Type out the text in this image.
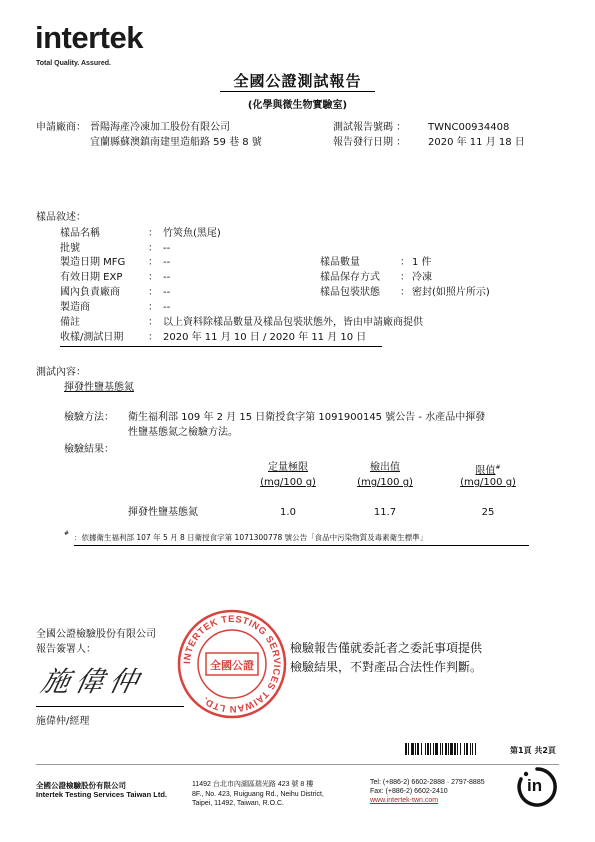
intertek
Total Quality. Assured.
全國公證測試報告
(化學與微生物實驗室)
申請廠商： 晉陽海產冷凍加工股份有限公司
宜蘭縣蘇澳鎮南建里造船路 59 巷 8 號
測試報告號碼 ： TWNC00934408
報告發行日期 ： 2020 年 11 月 18 日
樣品敘述：
樣品名稱	： 竹筴魚(黑尾)
批號	： --
製造日期 MFG ： --
有效日期 EXP	： --
國內負責廠商	： --
製造商	： --
備註	： 以上資料除樣品數量及樣品包裝狀態外，皆由申請廠商提供
收樣/測試日期 ： 2020 年 11 月 10 日 / 2020 年 11 月 10 日
樣品數量	： 1 件
樣品保存方式 ： 冷凍
樣品包裝狀態 ： 密封(如照片所示)
測試內容：
揮發性鹽基態氮
檢驗方法： 衛生福利部 109 年 2 月 15 日衛授食字第 1091900145 號公告 - 水產品中揮發
性鹽基態氮之檢驗方法。
檢驗結果：
定量極限	檢出值	限值#
(mg/100 g)	(mg/100 g)	(mg/100 g)
揮發性鹽基態氮	1.0	11.7	25
# ：依據衛生福利部 107 年 5 月 8 日衛授食字第 1071300778 號公告「食品中污染物質及毒素衛生標準」
全國公證檢驗股份有限公司
報告簽署人：
施偉仲
施偉仲/經理
INTERTEK TESTING SERVICES TAIWAN LTD.
全國公證
檢驗報告僅就委託者之委託事項提供
檢驗結果，不對產品合法性作判斷。
第1頁 共2頁
全國公證檢驗股份有限公司
Intertek Testing Services Taiwan Ltd.
11492 台北市內湖區瑞光路 423 號 8 樓
8F., No. 423, Ruiguang Rd., Neihu District,
Taipei, 11492, Taiwan, R.O.C.
Tel: (+886-2) 6602-2888 · 2797-8885
Fax: (+886-2) 6602-2410
www.intertek-twn.com
in
